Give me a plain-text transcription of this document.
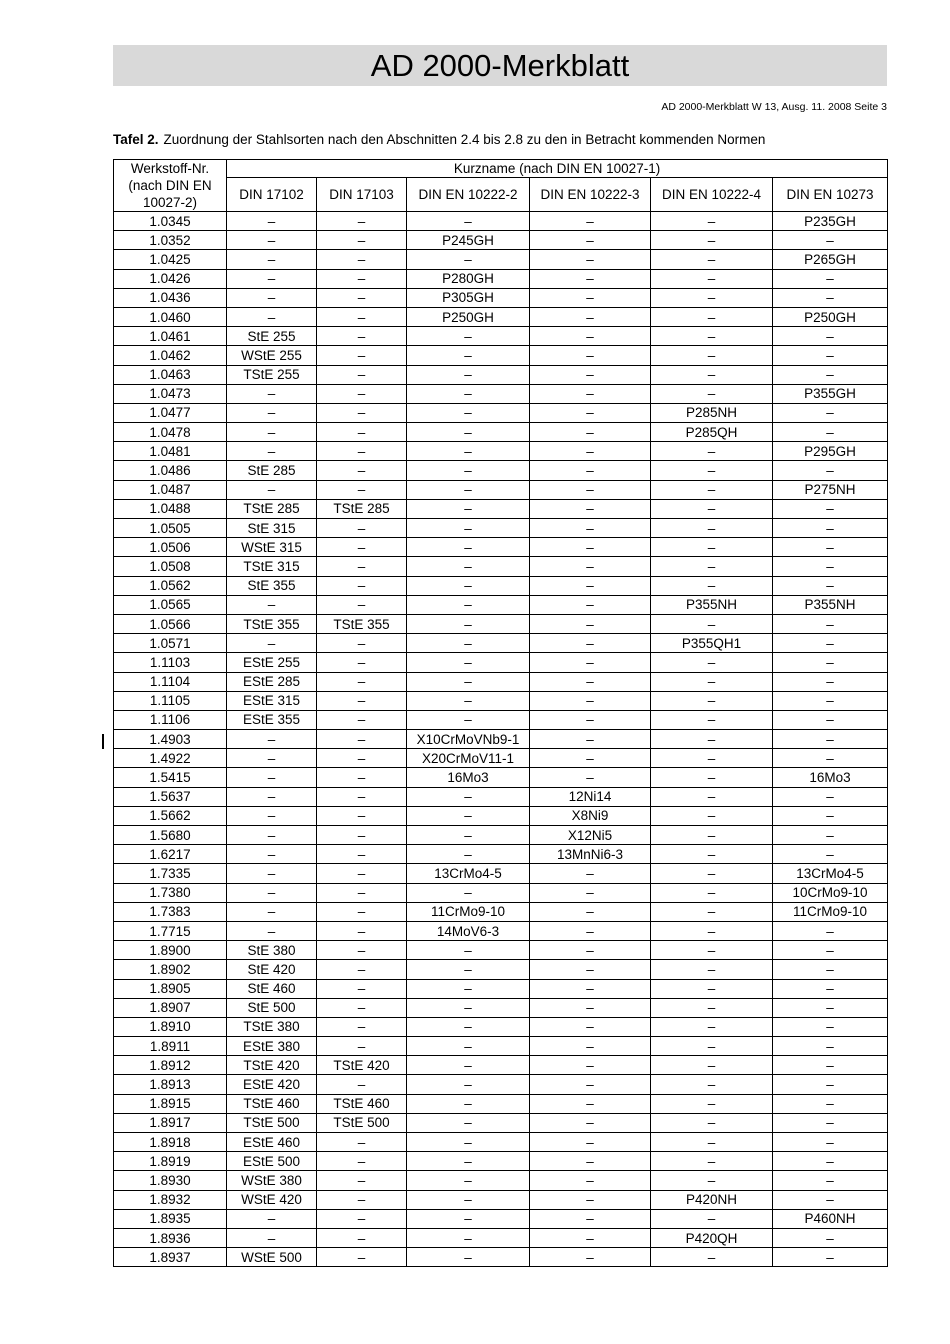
AD 2000-Merkblatt
AD 2000-Merkblatt W 13, Ausg. 11. 2008 Seite 3
Tafel 2. Zuordnung der Stahlsorten nach den Abschnitten 2.4 bis 2.8 zu den in Betracht kommenden Normen
Werkstoff-Nr. (nach DIN EN 10027-2)	Kurzname (nach DIN EN 10027-1)					
	DIN 17102	DIN 17103	DIN EN 10222-2	DIN EN 10222-3	DIN EN 10222-4	DIN EN 10273
1.0345	–	–	–	–	–	P235GH
1.0352	–	–	P245GH	–	–	–
1.0425	–	–	–	–	–	P265GH
1.0426	–	–	P280GH	–	–	–
1.0436	–	–	P305GH	–	–	–
1.0460	–	–	P250GH	–	–	P250GH
1.0461	StE 255	–	–	–	–	–
1.0462	WStE 255	–	–	–	–	–
1.0463	TStE 255	–	–	–	–	–
1.0473	–	–	–	–	–	P355GH
1.0477	–	–	–	–	P285NH	–
1.0478	–	–	–	–	P285QH	–
1.0481	–	–	–	–	–	P295GH
1.0486	StE 285	–	–	–	–	–
1.0487	–	–	–	–	–	P275NH
1.0488	TStE 285	TStE 285	–	–	–	–
1.0505	StE 315	–	–	–	–	–
1.0506	WStE 315	–	–	–	–	–
1.0508	TStE 315	–	–	–	–	–
1.0562	StE 355	–	–	–	–	–
1.0565	–	–	–	–	P355NH	P355NH
1.0566	TStE 355	TStE 355	–	–	–	–
1.0571	–	–	–	–	P355QH1	–
1.1103	EStE 255	–	–	–	–	–
1.1104	EStE 285	–	–	–	–	–
1.1105	EStE 315	–	–	–	–	–
1.1106	EStE 355	–	–	–	–	–
1.4903	–	–	X10CrMoVNb9-1	–	–	–
1.4922	–	–	X20CrMoV11-1	–	–	–
1.5415	–	–	16Mo3	–	–	16Mo3
1.5637	–	–	–	12Ni14	–	–
1.5662	–	–	–	X8Ni9	–	–
1.5680	–	–	–	X12Ni5	–	–
1.6217	–	–	–	13MnNi6-3	–	–
1.7335	–	–	13CrMo4-5	–	–	13CrMo4-5
1.7380	–	–	–	–	–	10CrMo9-10
1.7383	–	–	11CrMo9-10	–	–	11CrMo9-10
1.7715	–	–	14MoV6-3	–	–	–
1.8900	StE 380	–	–	–	–	–
1.8902	StE 420	–	–	–	–	–
1.8905	StE 460	–	–	–	–	–
1.8907	StE 500	–	–	–	–	–
1.8910	TStE 380	–	–	–	–	–
1.8911	EStE 380	–	–	–	–	–
1.8912	TStE 420	TStE 420	–	–	–	–
1.8913	EStE 420	–	–	–	–	–
1.8915	TStE 460	TStE 460	–	–	–	–
1.8917	TStE 500	TStE 500	–	–	–	–
1.8918	EStE 460	–	–	–	–	–
1.8919	EStE 500	–	–	–	–	–
1.8930	WStE 380	–	–	–	–	–
1.8932	WStE 420	–	–	–	P420NH	–
1.8935	–	–	–	–	–	P460NH
1.8936	–	–	–	–	P420QH	–
1.8937	WStE 500	–	–	–	–	–
